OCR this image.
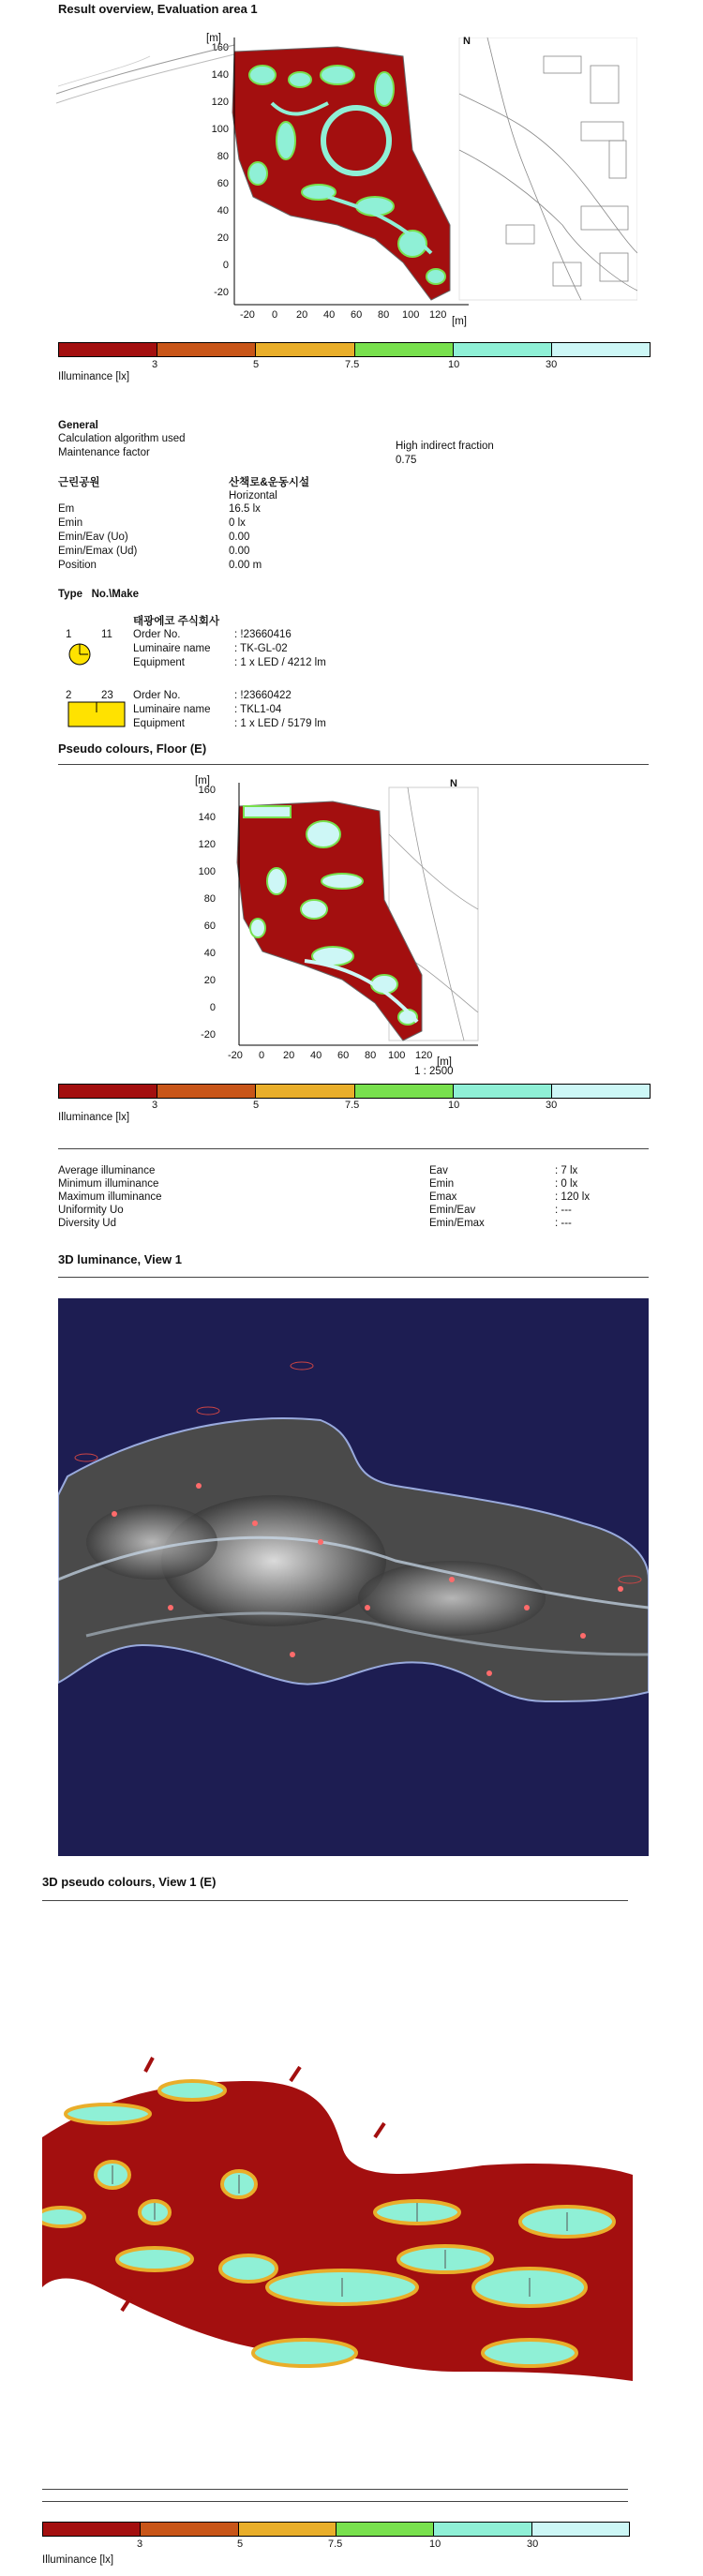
Result overview, Evaluation area 1
[m]
160
140
120
100
80
60
40
20
0
-20
N
-20 0 20 40 60 80 100 120
[m]
3	5	7.5	10	30
Illuminance [lx]
General
Calculation algorithm used
High indirect fraction
Maintenance factor
0.75
근린공원	산책로&운동시설
Horizontal
Em	16.5 lx
Emin	0 lx
Emin/Eav (Uo)	0.00
Emin/Emax (Ud)	0.00
Position	0.00 m
Type   No.\Make
태광에코 주식회사
1	11 Order No.	: !23660416
Luminaire name : TK-GL-02
Equipment	: 1 x LED / 4212 lm
2	23 Order No.	: !23660422
Luminaire name : TKL1-04
Equipment	: 1 x LED / 5179 lm
Pseudo colours, Floor (E)
[m]
160
140
120
100
80
60
40
20
0
-20
N
-20 0 20 40 60 80 100 120
[m]
1 : 2500
3	5	7.5	10	30
Illuminance [lx]
Average illuminance	Eav	: 7 lx
Minimum illuminance	Emin	: 0 lx
Maximum illuminance	Emax	: 120 lx
Uniformity Uo	Emin/Eav	: ---
Diversity Ud	Emin/Emax	: ---
3D luminance, View 1
3D pseudo colours, View 1 (E)
3	5	7.5	10	30
Illuminance [lx]
